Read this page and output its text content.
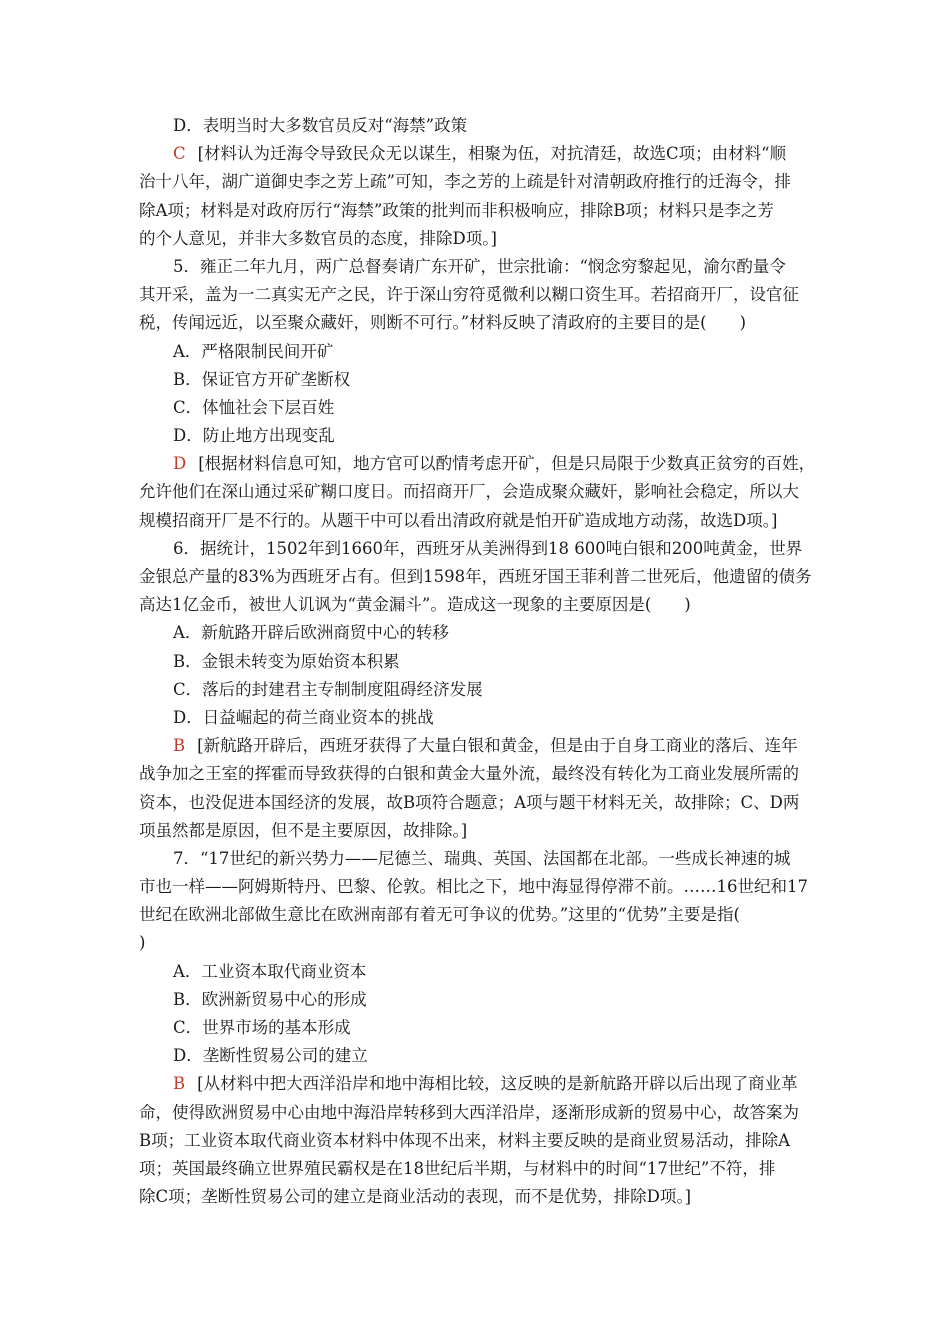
D．表明当时大多数官员反对“海禁”政策
C [材料认为迁海令导致民众无以谋生，相聚为伍，对抗清廷，故选C项；由材料“顺
治十八年，湖广道御史李之芳上疏”可知，李之芳的上疏是针对清朝政府推行的迁海令，排
除A项；材料是对政府厉行“海禁”政策的批判而非积极响应，排除B项；材料只是李之芳
的个人意见，并非大多数官员的态度，排除D项。]
5．雍正二年九月，两广总督奏请广东开矿，世宗批谕：“悯念穷黎起见，渝尔酌量令
其开采，盖为一二真实无产之民，许于深山穷符觅微利以糊口资生耳。若招商开厂，设官征
税，传闻远近，以至聚众藏奸，则断不可行。”材料反映了清政府的主要目的是(　　)
A．严格限制民间开矿
B．保证官方开矿垄断权
C．体恤社会下层百姓
D．防止地方出现变乱
D [根据材料信息可知，地方官可以酌情考虑开矿，但是只局限于少数真正贫穷的百姓，
允许他们在深山通过采矿糊口度日。而招商开厂，会造成聚众藏奸，影响社会稳定，所以大
规模招商开厂是不行的。从题干中可以看出清政府就是怕开矿造成地方动荡，故选D项。]
6．据统计，1502年到1660年，西班牙从美洲得到18 600吨白银和200吨黄金，世界
金银总产量的83%为西班牙占有。但到1598年，西班牙国王菲利普二世死后，他遗留的债务
高达1亿金币，被世人讥讽为“黄金漏斗”。造成这一现象的主要原因是(　　)
A．新航路开辟后欧洲商贸中心的转移
B．金银未转变为原始资本积累
C．落后的封建君主专制制度阻碍经济发展
D．日益崛起的荷兰商业资本的挑战
B [新航路开辟后，西班牙获得了大量白银和黄金，但是由于自身工商业的落后、连年
战争加之王室的挥霍而导致获得的白银和黄金大量外流，最终没有转化为工商业发展所需的
资本，也没促进本国经济的发展，故B项符合题意；A项与题干材料无关，故排除；C、D两
项虽然都是原因，但不是主要原因，故排除。]
7．“17世纪的新兴势力——尼德兰、瑞典、英国、法国都在北部。一些成长神速的城
市也一样——阿姆斯特丹、巴黎、伦敦。相比之下，地中海显得停滞不前。……16世纪和17
世纪在欧洲北部做生意比在欧洲南部有着无可争议的优势。”这里的“优势”主要是指(
)
A．工业资本取代商业资本
B．欧洲新贸易中心的形成
C．世界市场的基本形成
D．垄断性贸易公司的建立
B [从材料中把大西洋沿岸和地中海相比较，这反映的是新航路开辟以后出现了商业革
命，使得欧洲贸易中心由地中海沿岸转移到大西洋沿岸，逐渐形成新的贸易中心，故答案为
B项；工业资本取代商业资本材料中体现不出来，材料主要反映的是商业贸易活动，排除A
项；英国最终确立世界殖民霸权是在18世纪后半期，与材料中的时间“17世纪”不符，排
除C项；垄断性贸易公司的建立是商业活动的表现，而不是优势，排除D项。]
